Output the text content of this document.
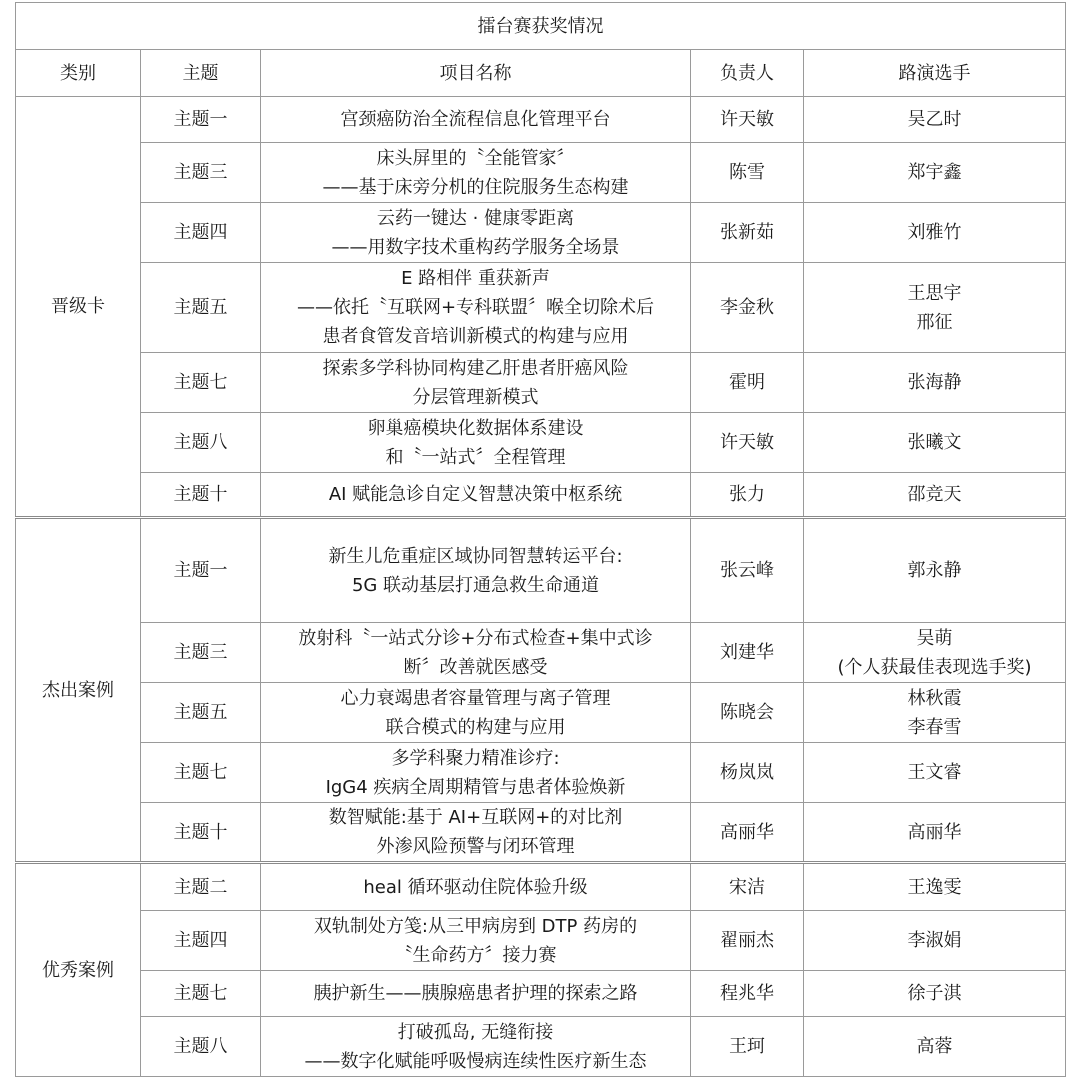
擂台赛获奖情况				
类别	主题	项目名称	负责人	路演选手
晋级卡	主题一	宫颈癌防治全流程信息化管理平台	许天敏	吴乙时

	主题三	床头屏里的〝全能管家〞
——基于床旁分机的住院服务生态构建	陈雪	郑宇鑫

	主题四	云药一键达 · 健康零距离
——用数字技术重构药学服务全场景	张新茹	刘雅竹

	主题五	E 路相伴 重获新声
——依托〝互联网+专科联盟〞喉全切除术后
患者食管发音培训新模式的构建与应用	李金秋	王思宇
邢征

	主题七	探索多学科协同构建乙肝患者肝癌风险
分层管理新模式	霍明	张海静

	主题八	卵巢癌模块化数据体系建设
和〝一站式〞全程管理	许天敏	张曦文

	主题十	AI 赋能急诊自定义智慧决策中枢系统	张力	邵竞天

杰出案例	主题一	新生儿危重症区域协同智慧转运平台:
5G 联动基层打通急救生命通道	张云峰	郭永静

	主题三	放射科〝一站式分诊+分布式检查+集中式诊
断〞改善就医感受	刘建华	吴萌
(个人获最佳表现选手奖)

	主题五	心力衰竭患者容量管理与离子管理
联合模式的构建与应用	陈晓会	林秋霞
李春雪

	主题七	多学科聚力精准诊疗:
IgG4 疾病全周期精管与患者体验焕新	杨岚岚	王文睿

	主题十	数智赋能:基于 AI+互联网+的对比剂
外渗风险预警与闭环管理	高丽华	高丽华

优秀案例	主题二	heal 循环驱动住院体验升级	宋洁	王逸雯

	主题四	双轨制处方笺:从三甲病房到 DTP 药房的
〝生命药方〞接力赛	翟丽杰	李淑娟

	主题七	胰护新生——胰腺癌患者护理的探索之路	程兆华	徐子淇

	主题八	打破孤岛, 无缝衔接
——数字化赋能呼吸慢病连续性医疗新生态	王珂	高蓉
